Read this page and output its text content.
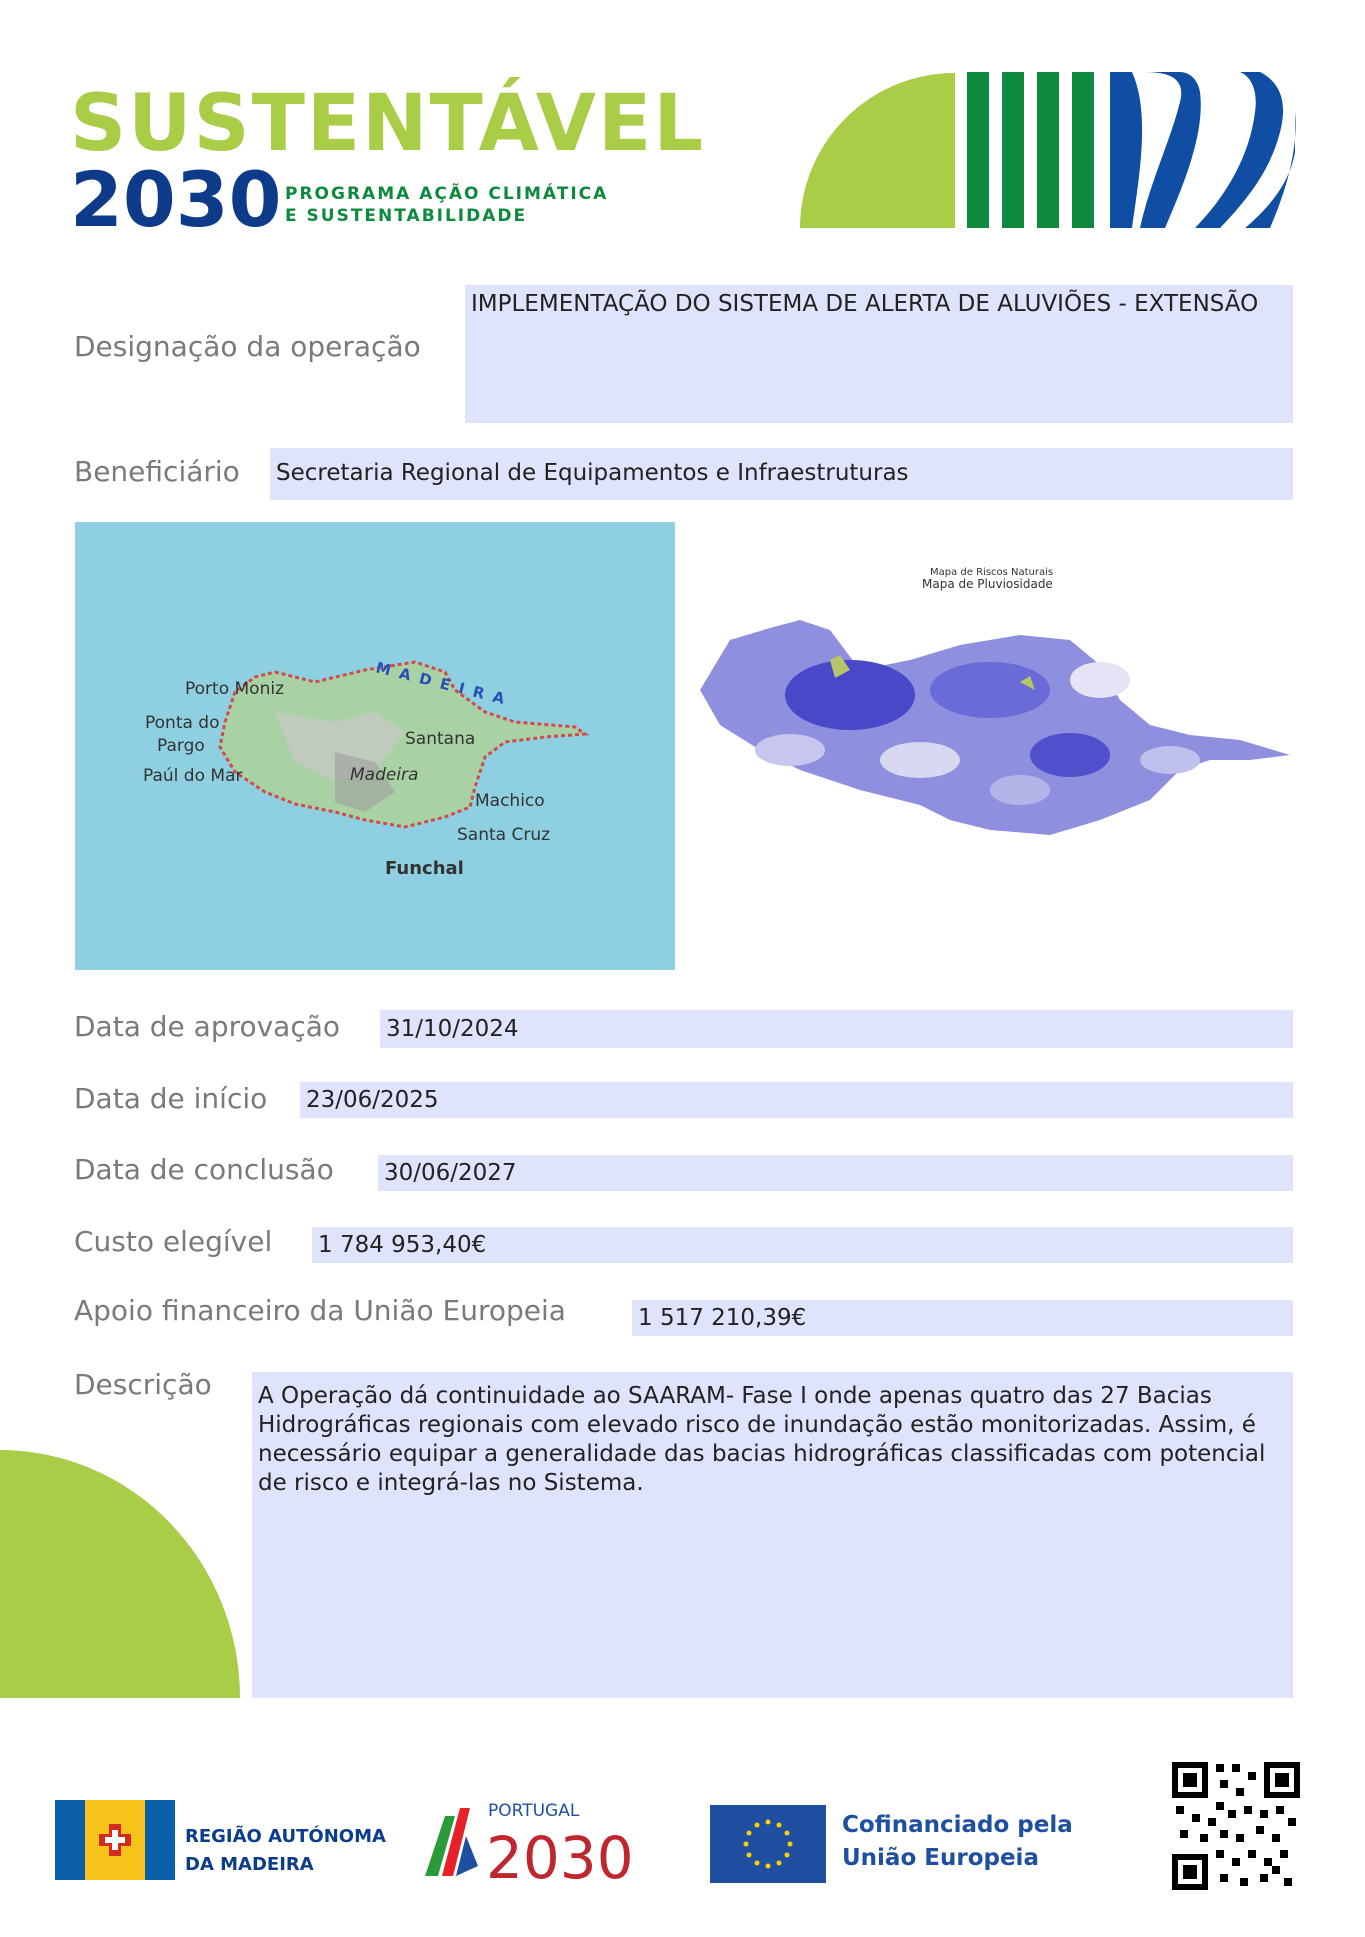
SUSTENTÁVEL
2030 PROGRAMA AÇÃO CLIMÁTICA
E SUSTENTABILIDADE
Designação da operação
IMPLEMENTAÇÃO DO SISTEMA DE ALERTA DE ALUVIÕES - EXTENSÃO
Beneficiário Secretaria Regional de Equipamentos e Infraestruturas
MADEIRA
Porto Moniz
Ponta do
Pargo
Paúl do Mar
Santana
Madeira
Machico
Santa Cruz
Funchal
Mapa de Riscos Naturais
Mapa de Pluviosidade
Data de aprovação 31/10/2024
Data de início 23/06/2025
Data de conclusão 30/06/2027
Custo elegível 1 784 953,40€
Apoio financeiro da União Europeia	1 517 210,39€
Descrição A Operação dá continuidade ao SAARAM- Fase I onde apenas quatro das 27 Bacias Hidrográficas regionais com elevado risco de inundação estão monitorizadas. Assim, é necessário equipar a generalidade das bacias hidrográficas classificadas com potencial de risco e integrá-las no Sistema.
REGIÃO AUTÓNOMA
DA MADEIRA
PORTUGAL
2030	Cofinanciado pela
União Europeia
